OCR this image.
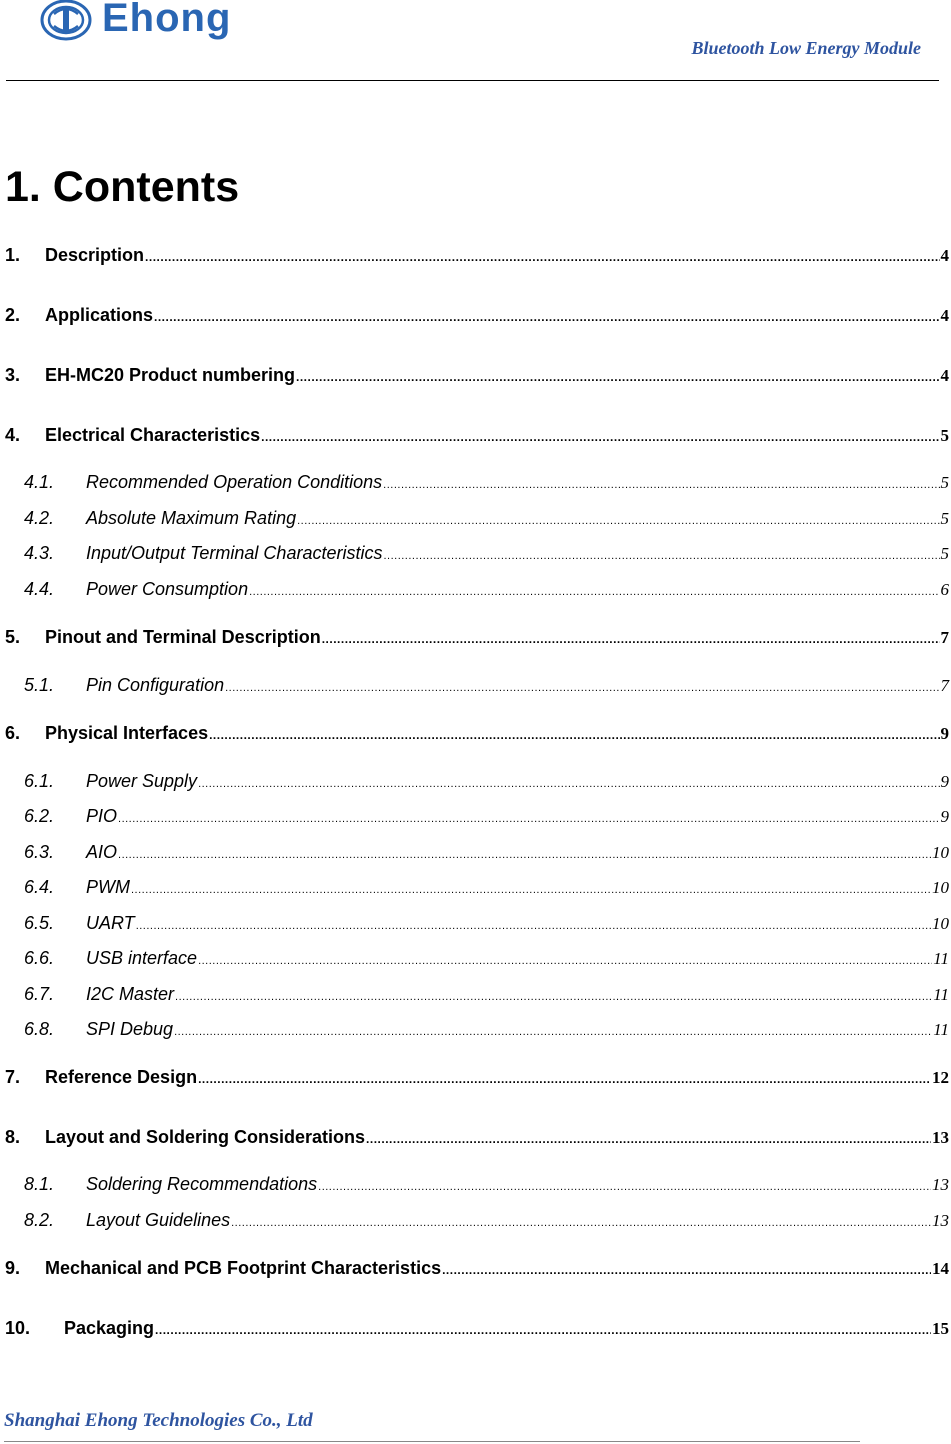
Ehong
Bluetooth Low Energy Module
1. Contents
1.	Description .....	4
2.	Applications .....	4
3.	EH-MC20 Product numbering .....	4
4.	Electrical Characteristics .....	5
4.1.	Recommended Operation Conditions .....	5
4.2.	Absolute Maximum Rating .....	5
4.3.	Input/Output Terminal Characteristics .....	5
4.4.	Power Consumption .....	6
5.	Pinout and Terminal Description .....	7
5.1.	Pin Configuration .....	7
6.	Physical Interfaces .....	9
6.1.	Power Supply .....	9
6.2.	PIO .....	9
6.3.	AIO .....	10
6.4.	PWM .....	10
6.5.	UART .....	10
6.6.	USB interface .....	11
6.7.	I2C Master .....	11
6.8.	SPI Debug .....	11
7.	Reference Design .....	12
8.	Layout and Soldering Considerations .....	13
8.1.	Soldering Recommendations .....	13
8.2.	Layout Guidelines .....	13
9.	Mechanical and PCB Footprint Characteristics .....	14
10.	Packaging .....	15
Shanghai Ehong Technologies Co., Ltd
